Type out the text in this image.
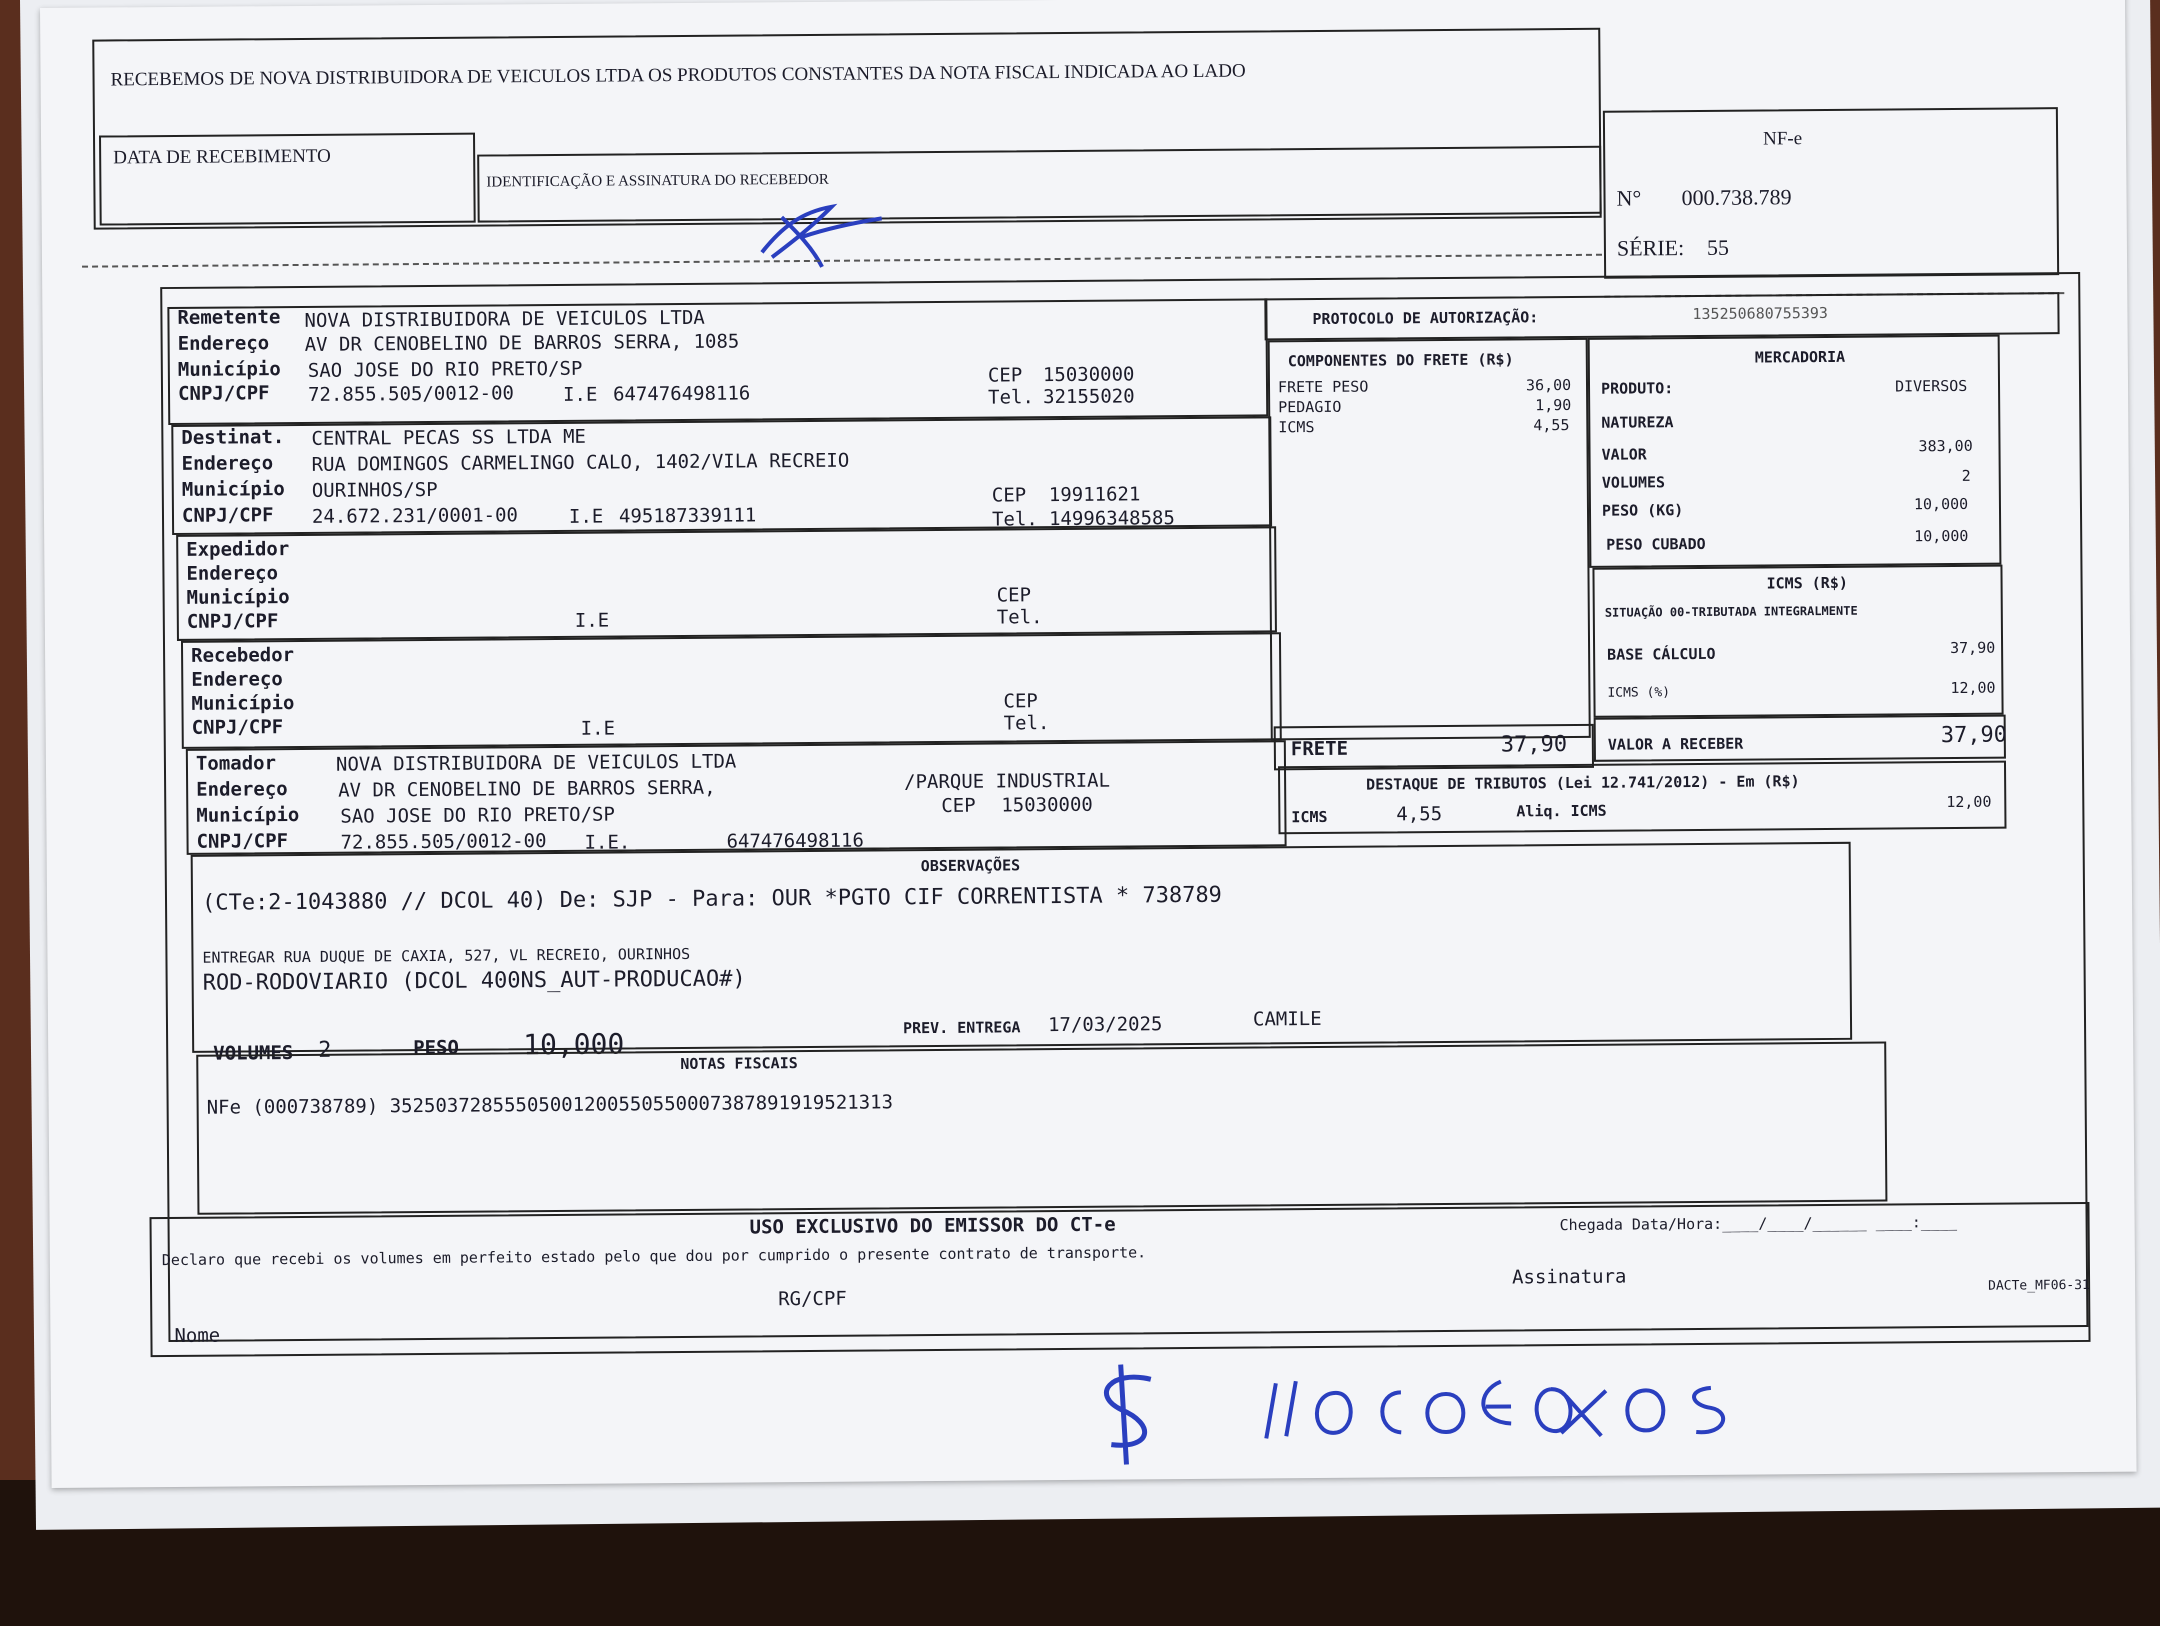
RECEBEMOS DE NOVA DISTRIBUIDORA DE VEICULOS LTDA OS PRODUTOS CONSTANTES DA NOTA FISCAL INDICADA AO LADO
DATA DE RECEBIMENTO
IDENTIFICAÇÃO E ASSINATURA DO RECEBEDOR
NF-e
N° 000.738.789
SÉRIE: 55
PROTOCOLO DE AUTORIZAÇÃO:	135250680755393
Remetente NOVA DISTRIBUIDORA DE VEICULOS LTDA
Endereço AV DR CENOBELINO DE BARROS SERRA, 1085
Município SAO JOSE DO RIO PRETO/SP
CNPJ/CPF 72.855.505/0012-00	I.E 647476498116
CEP 15030000
Tel. 32155020
Destinat. CENTRAL PECAS SS LTDA ME
Endereço RUA DOMINGOS CARMELINGO CALO, 1402/VILA RECREIO
Município OURINHOS/SP
CNPJ/CPF 24.672.231/0001-00	I.E 495187339111
CEP 19911621
Tel. 14996348585
Expedidor
Endereço
Município
CNPJ/CPF	I.E
CEP
Tel.
Recebedor
Endereço
Município
CNPJ/CPF	I.E
CEP
Tel.
Tomador	NOVA DISTRIBUIDORA DE VEICULOS LTDA
Endereço	AV DR CENOBELINO DE BARROS SERRA,	/PARQUE INDUSTRIAL
Município SAO JOSE DO RIO PRETO/SP	CEP 15030000
CNPJ/CPF	72.855.505/0012-00 I.E.	647476498116
COMPONENTES DO FRETE (R$)
FRETE PESO	36,00
PEDAGIO	1,90
ICMS	4,55
FRETE	37,90
MERCADORIA
PRODUTO:	DIVERSOS
NATUREZA
VALOR	383,00
VOLUMES	2
PESO (KG)	10,000
PESO CUBADO	10,000
ICMS (R$)
SITUAÇÃO 00-TRIBUTADA INTEGRALMENTE
BASE CÁLCULO	37,90
ICMS (%)	12,00
VALOR A RECEBER	37,90
DESTAQUE DE TRIBUTOS (Lei 12.741/2012) - Em (R$)
ICMS	4,55	Aliq. ICMS	12,00
OBSERVAÇÕES
(CTe:2-1043880 // DCOL 40) De: SJP - Para: OUR *PGTO CIF CORRENTISTA * 738789
ENTREGAR RUA DUQUE DE CAXIA, 527, VL RECREIO, OURINHOS
ROD-RODOVIARIO (DCOL 400NS_AUT-PRODUCAO#)
VOLUMES 2	PESO 10,000	PREV. ENTREGA 17/03/2025	CAMILE
NOTAS FISCAIS
NFe (000738789) 35250372855505001200550550007387891919521313
USO EXCLUSIVO DO EMISSOR DO CT-e	Chegada Data/Hora:____/____/______ ____:____
Declaro que recebi os volumes em perfeito estado pelo que dou por cumprido o presente contrato de transporte.
Assinatura
RG/CPF
DACTe_MF06-31
Nome
